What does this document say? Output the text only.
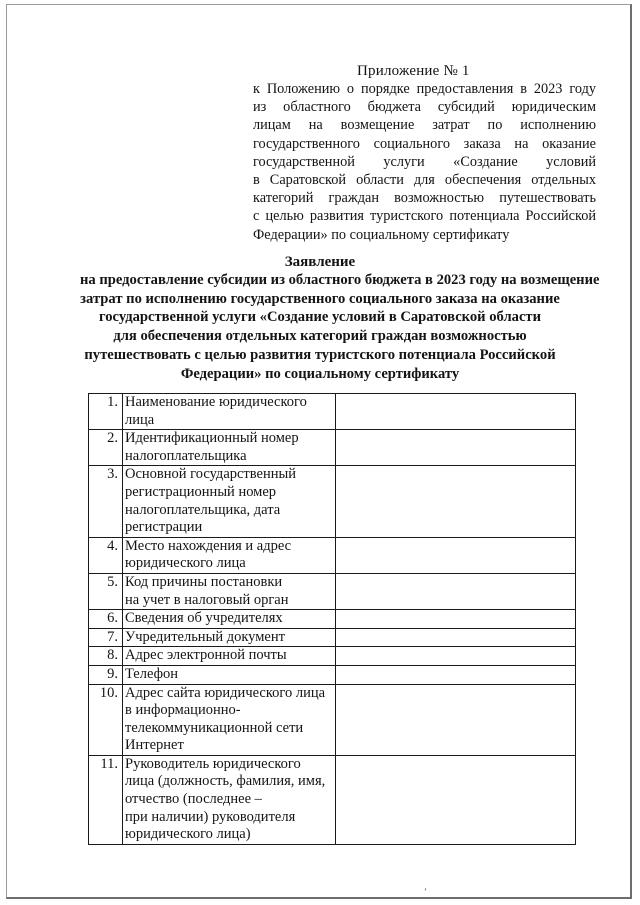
Приложение № 1
к Положению о порядке предоставления в 2023 году
из областного бюджета субсидий юридическим
лицам на возмещение затрат по исполнению
государственного социального заказа на оказание
государственной услуги «Создание условий
в Саратовской области для обеспечения отдельных
категорий граждан возможностью путешествовать
с целью развития туристского потенциала Российской
Федерации» по социальному сертификату
Заявление
на предоставление субсидии из областного бюджета в 2023 году на возмещение
затрат по исполнению государственного социального заказа на оказание
государственной услуги «Создание условий в Саратовской области
для обеспечения отдельных категорий граждан возможностью
путешествовать с целью развития туристского потенциала Российской
Федерации» по социальному сертификату
1.	Наименование юридического
лица	

2.	Идентификационный номер
налогоплательщика	

3.	Основной государственный
регистрационный номер
налогоплательщика, дата
регистрации	

4.	Место нахождения и адрес
юридического лица	

5.	Код причины постановки
на учет в налоговый орган	

6.	Сведения об учредителях	

7.	Учредительный документ	

8.	Адрес электронной почты	

9.	Телефон	

10.	Адрес сайта юридического лица
в информационно-
телекоммуникационной сети
Интернет	

11.	Руководитель юридического
лица (должность, фамилия, имя,
отчество (последнее –
при наличии) руководителя
юридического лица)	

٬
